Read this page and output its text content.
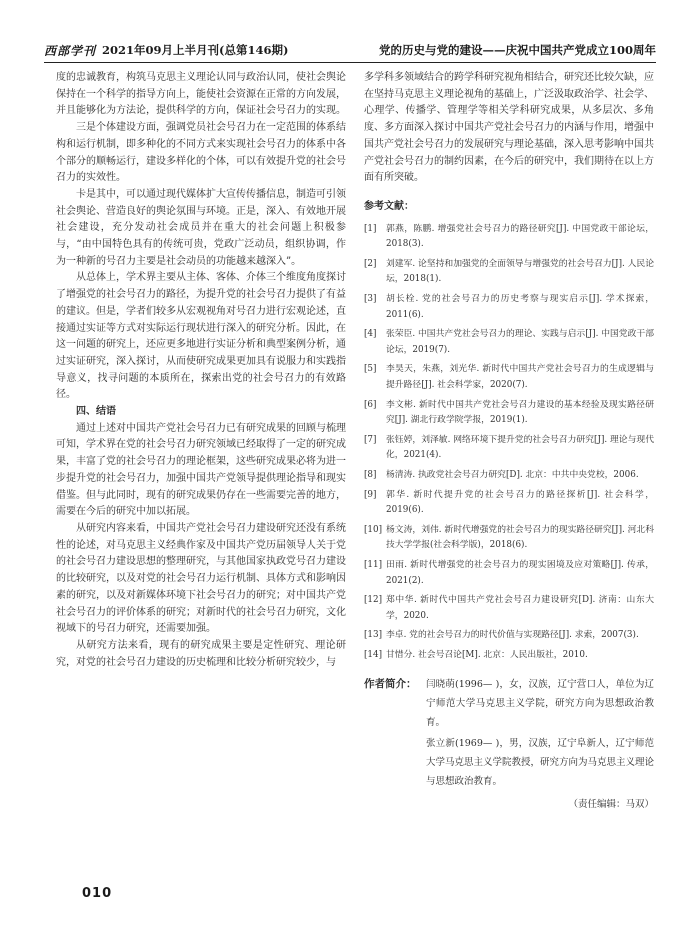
西部学刊 2021年09月上半月刊(总第146期)	党的历史与党的建设——庆祝中国共产党成立100周年

度的忠诚教育，构筑马克思主义理论认同与政治认同，使社会舆论保持在一个科学的指导方向上，能使社会资源在正常的方向发展，并且能够化为方法论，提供科学的方向，保证社会号召力的实现。

三是个体建设方面，强调党员社会号召力在一定范围的体系结构和运行机制，即多种化的不同方式来实现社会号召力的体系中各个部分的顺畅运行，建设多样化的个体，可以有效提升党的社会号召力的实效性。

卡是其中，可以通过现代媒体扩大宣传传播信息，制造可引领社会舆论、营造良好的舆论氛围与环境。正是，深入、有效地开展社会建设，充分发动社会成员并在重大的社会问题上积极参与，“由中国特色具有的传统可贵，党政广泛动员，组织协调，作为一种新的号召力主要是社会动员的功能越来越深入”。

从总体上，学术界主要从主体、客体、介体三个维度角度探讨了增强党的社会号召力的路径，为提升党的社会号召力提供了有益的建议。但是，学者们较多从宏观视角对号召力进行宏观论述，直接通过实证等方式对实际运行现状进行深入的研究分析。因此，在这一问题的研究上，还应更多地进行实证分析和典型案例分析，通过实证研究，深入探讨，从而使研究成果更加具有说服力和实践指导意义，找寻问题的本质所在，探索出党的社会号召力的有效路径。

四、结语

通过上述对中国共产党社会号召力已有研究成果的回顾与梳理可知，学术界在党的社会号召力研究领域已经取得了一定的研究成果，丰富了党的社会号召力的理论框架，这些研究成果必将为进一步提升党的社会号召力，加强中国共产党领导提供理论指导和现实借鉴。但与此同时，现有的研究成果仍存在一些需要完善的地方，需要在今后的研究中加以拓展。

从研究内容来看，中国共产党社会号召力建设研究还没有系统性的论述，对马克思主义经典作家及中国共产党历届领导人关于党的社会号召力建设思想的整理研究，与其他国家执政党号召力建设的比较研究，以及对党的社会号召力运行机制、具体方式和影响因素的研究，以及对新媒体环境下社会号召力的研究；对中国共产党社会号召力的评价体系的研究；对新时代的社会号召力研究，文化视域下的号召力研究，还需要加强。

从研究方法来看，现有的研究成果主要是定性研究、理论研究，对党的社会号召力建设的历史梳理和比较分析研究较少，与

多学科多领域结合的跨学科研究视角相结合，研究还比较欠缺，应在坚持马克思主义理论视角的基础上，广泛汲取政治学、社会学、心理学、传播学、管理学等相关学科研究成果，从多层次、多角度、多方面深入探讨中国共产党社会号召力的内涵与作用，增强中国共产党社会号召力的发展研究与理论基础，深入思考影响中国共产党社会号召力的制约因素，在今后的研究中，我们期待在以上方面有所突破。

参考文献：
[1]	郭燕，陈鹏. 增强党社会号召力的路径研究[J]. 中国党政干部论坛，2018(3).
[2]	刘建军. 论坚持和加强党的全面领导与增强党的社会号召力[J]. 人民论坛，2018(1).
[3]	胡长栓. 党的社会号召力的历史考察与现实启示[J]. 学术探索，2011(6).
[4]	张荣臣. 中国共产党社会号召力的理论、实践与启示[J]. 中国党政干部论坛，2019(7).
[5]	李昊天，朱燕，刘光华. 新时代中国共产党社会号召力的生成逻辑与提升路径[J]. 社会科学家，2020(7).
[6]	李文彬. 新时代中国共产党社会号召力建设的基本经验及现实路径研究[J]. 湖北行政学院学报，2019(1).
[7]	张钰婷，刘泽敏. 网络环境下提升党的社会号召力研究[J]. 理论与现代化，2021(4).
[8]	杨清涛. 执政党社会号召力研究[D]. 北京：中共中央党校，2006.
[9]	郭华. 新时代提升党的社会号召力的路径探析[J]. 社会科学，2019(6).
[10] 杨文涛，刘伟. 新时代增强党的社会号召力的现实路径研究[J]. 河北科技大学学报(社会科学版)，2018(6).
[11] 田雨. 新时代增强党的社会号召力的现实困境及应对策略[J]. 传承，2021(2).
[12] 郑中华. 新时代中国共产党社会号召力建设研究[D]. 济南：山东大学，2020.
[13] 李卓. 党的社会号召力的时代价值与实现路径[J]. 求索，2007(3).
[14] 甘惜分. 社会号召论[M]. 北京：人民出版社，2010.
作者简介：	闫晓萌(1996— )，女，汉族，辽宁营口人，单位为辽宁师范大学马克思主义学院，研究方向为思想政治教育。

张立新(1969— )，男，汉族，辽宁阜新人，辽宁师范大学马克思主义学院教授，研究方向为马克思主义理论与思想政治教育。

（责任编辑：马双）
010
